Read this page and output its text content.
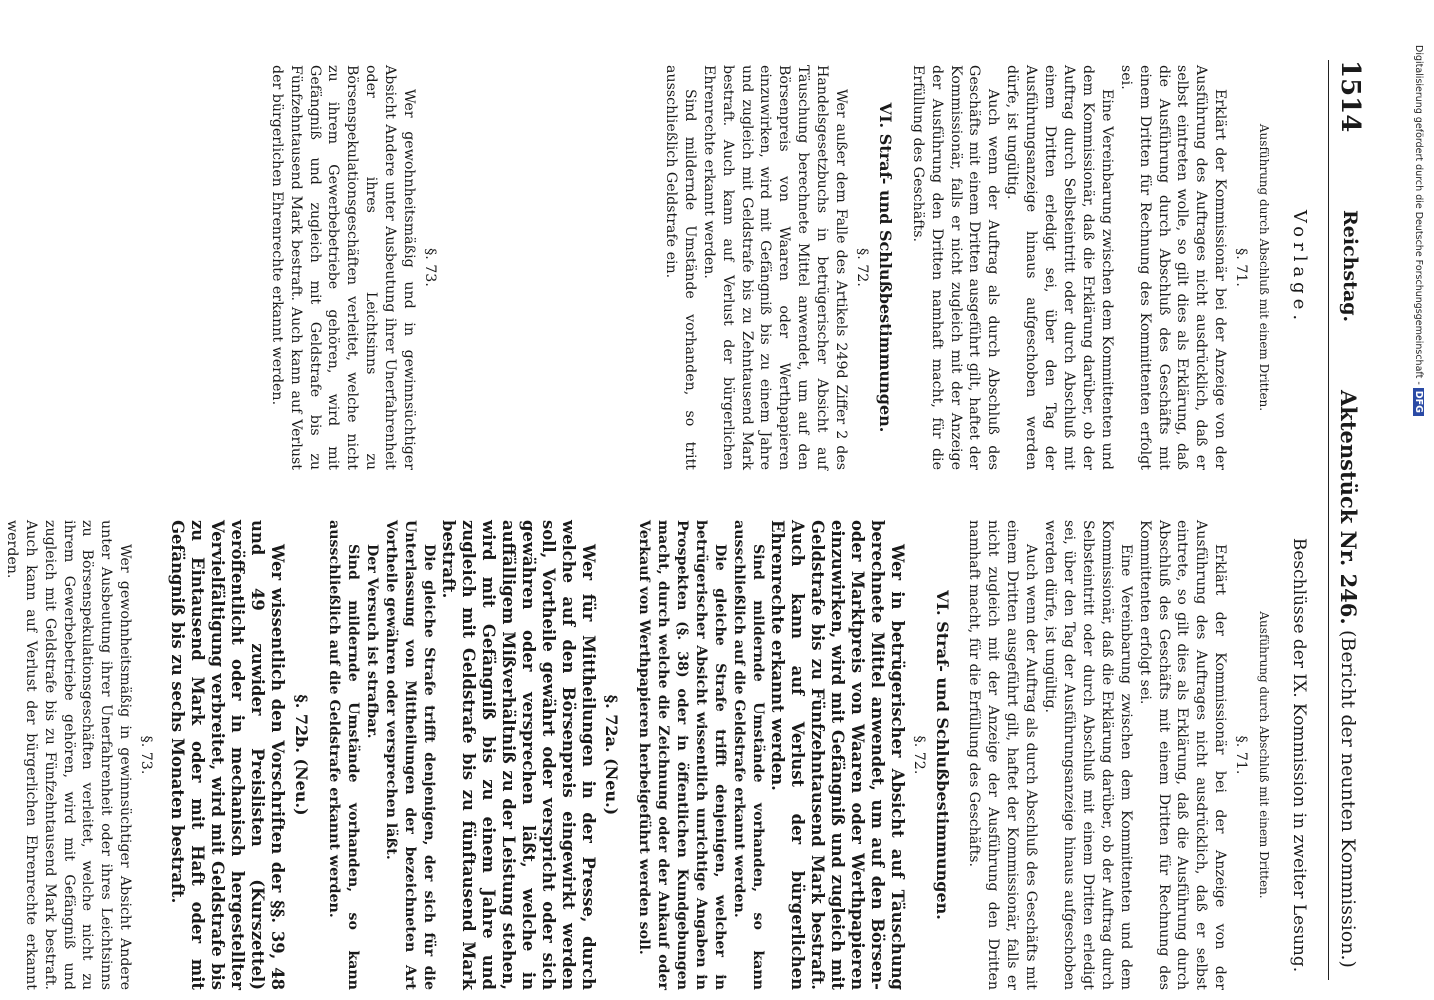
1514
Reichstag.
Aktenstück Nr. 246.
(Bericht der neunten Kommission.)
Vorlage.
Ausführung durch Abschluß mit einem Dritten.
§. 71.

Erklärt der Kommissionär bei der Anzeige von der Ausführung des Auftrages nicht ausdrücklich, daß er selbst eintreten wolle, so gilt dies als Erklärung, daß die Ausführung durch Abschluß des Geschäfts mit einem Dritten für Rechnung des Kommittenten erfolgt sei.

Eine Vereinbarung zwischen dem Kommittenten und dem Kommissionär, daß die Erklärung darüber, ob der Auftrag durch Selbsteintritt oder durch Abschluß mit einem Dritten erledigt sei, über den Tag der Ausführungsanzeige hinaus aufgeschoben werden dürfe, ist ungültig.

Auch wenn der Auftrag als durch Abschluß des Geschäfts mit einem Dritten ausgeführt gilt, haftet der Kommissionär, falls er nicht zugleich mit der Anzeige der Ausführung den Dritten namhaft macht, für die Erfüllung des Geschäfts.

VI. Straf- und Schlußbestimmungen.
§. 72.

Wer außer dem Falle des Artikels 249d Ziffer 2 des Handelsgesetzbuchs in betrügerischer Absicht auf Täuschung berechnete Mittel anwendet, um auf den Börsenpreis von Waaren oder Werthpapieren einzuwirken, wird mit Gefängniß bis zu einem Jahre und zugleich mit Geldstrafe bis zu Zehntausend Mark bestraft. Auch kann auf Verlust der bürgerlichen Ehrenrechte erkannt werden.

Sind mildernde Umstände vorhanden, so tritt ausschließlich Geldstrafe ein.

§. 73.

Wer gewohnheitsmäßig und in gewinnsüchtiger Absicht Andere unter Ausbeutung ihrer Unerfahrenheit oder ihres Leichtsinns zu Börsenspekulationsgeschäften verleitet, welche nicht zu ihrem Gewerbebetriebe gehören, wird mit Gefängniß und zugleich mit Geldstrafe bis zu Fünfzehntausend Mark bestraft. Auch kann auf Verlust der bürgerlichen Ehrenrechte erkannt werden.

Beschlüsse der IX. Kommission in zweiter Lesung.
Ausführung durch Abschluß mit einem Dritten.
§. 71.

Erklärt der Kommissionär bei der Anzeige von der Ausführung des Auftrages nicht ausdrücklich, daß er selbst eintrete, so gilt dies als Erklärung, daß die Ausführung durch Abschluß des Geschäfts mit einem Dritten für Rechnung des Kommittenten erfolgt sei.

Eine Vereinbarung zwischen dem Kommittenten und dem Kommissionär, daß die Erklärung darüber, ob der Auftrag durch Selbsteintritt oder durch Abschluß mit einem Dritten erledigt sei, über den Tag der Ausführungsanzeige hinaus aufgeschoben werden dürfe, ist ungültig.

Auch wenn der Auftrag als durch Abschluß des Geschäfts mit einem Dritten ausgeführt gilt, haftet der Kommissionär, falls er nicht zugleich mit der Anzeige der Ausführung den Dritten namhaft macht, für die Erfüllung des Geschäfts.

VI. Straf- und Schlußbestimmungen.
§. 72.

Wer in betrügerischer Absicht auf Täuschung berechnete Mittel anwendet, um auf den Börsen- oder Marktpreis von Waaren oder Werthpapieren einzuwirken, wird mit Gefängniß und zugleich mit Geldstrafe bis zu Fünfzehntausend Mark bestraft. Auch kann auf Verlust der bürgerlichen Ehrenrechte erkannt werden.

Sind mildernde Umstände vorhanden, so kann ausschließlich auf die Geldstrafe erkannt werden.

Die gleiche Strafe trifft denjenigen, welcher in betrügerischer Absicht wissentlich unrichtige Angaben in Prospekten (§. 38) oder in öffentlichen Kundgebungen macht, durch welche die Zeichnung oder der Ankauf oder Verkauf von Werthpapieren herbeigeführt werden soll.

§. 72a. (Neu.)

Wer für Mittheilungen in der Presse, durch welche auf den Börsenpreis eingewirkt werden soll, Vortheile gewährt oder verspricht oder sich gewähren oder versprechen läßt, welche in auffälligem Mißverhältniß zu der Leistung stehen, wird mit Gefängniß bis zu einem Jahre und zugleich mit Geldstrafe bis zu fünftausend Mark bestraft.

Die gleiche Strafe trifft denjenigen, der sich für die Unterlassung von Mittheilungen der bezeichneten Art Vortheile gewähren oder versprechen läßt.

Der Versuch ist strafbar.

Sind mildernde Umstände vorhanden, so kann ausschließlich auf die Geldstrafe erkannt werden.

§. 72b. (Neu.)

Wer wissentlich den Vorschriften der §§. 39, 48 und 49 zuwider Preislisten (Kurszettel) veröffentlicht oder in mechanisch hergestellter Vervielfältigung verbreitet, wird mit Geldstrafe bis zu Eintausend Mark oder mit Haft oder mit Gefängniß bis zu sechs Monaten bestraft.

§. 73.

Wer gewohnheitsmäßig in gewinnsüchtiger Absicht Andere unter Ausbeutung ihrer Unerfahrenheit oder ihres Leichtsinns zu Börsenspekulationsgeschäften verleitet, welche nicht zu ihrem Gewerbebetriebe gehören, wird mit Gefängniß und zugleich mit Geldstrafe bis zu Fünfzehntausend Mark bestraft. Auch kann auf Verlust der bürgerlichen Ehrenrechte erkannt werden.

Digitalisierung gefördert durch die Deutsche Forschungsgemeinschaft - DFG
